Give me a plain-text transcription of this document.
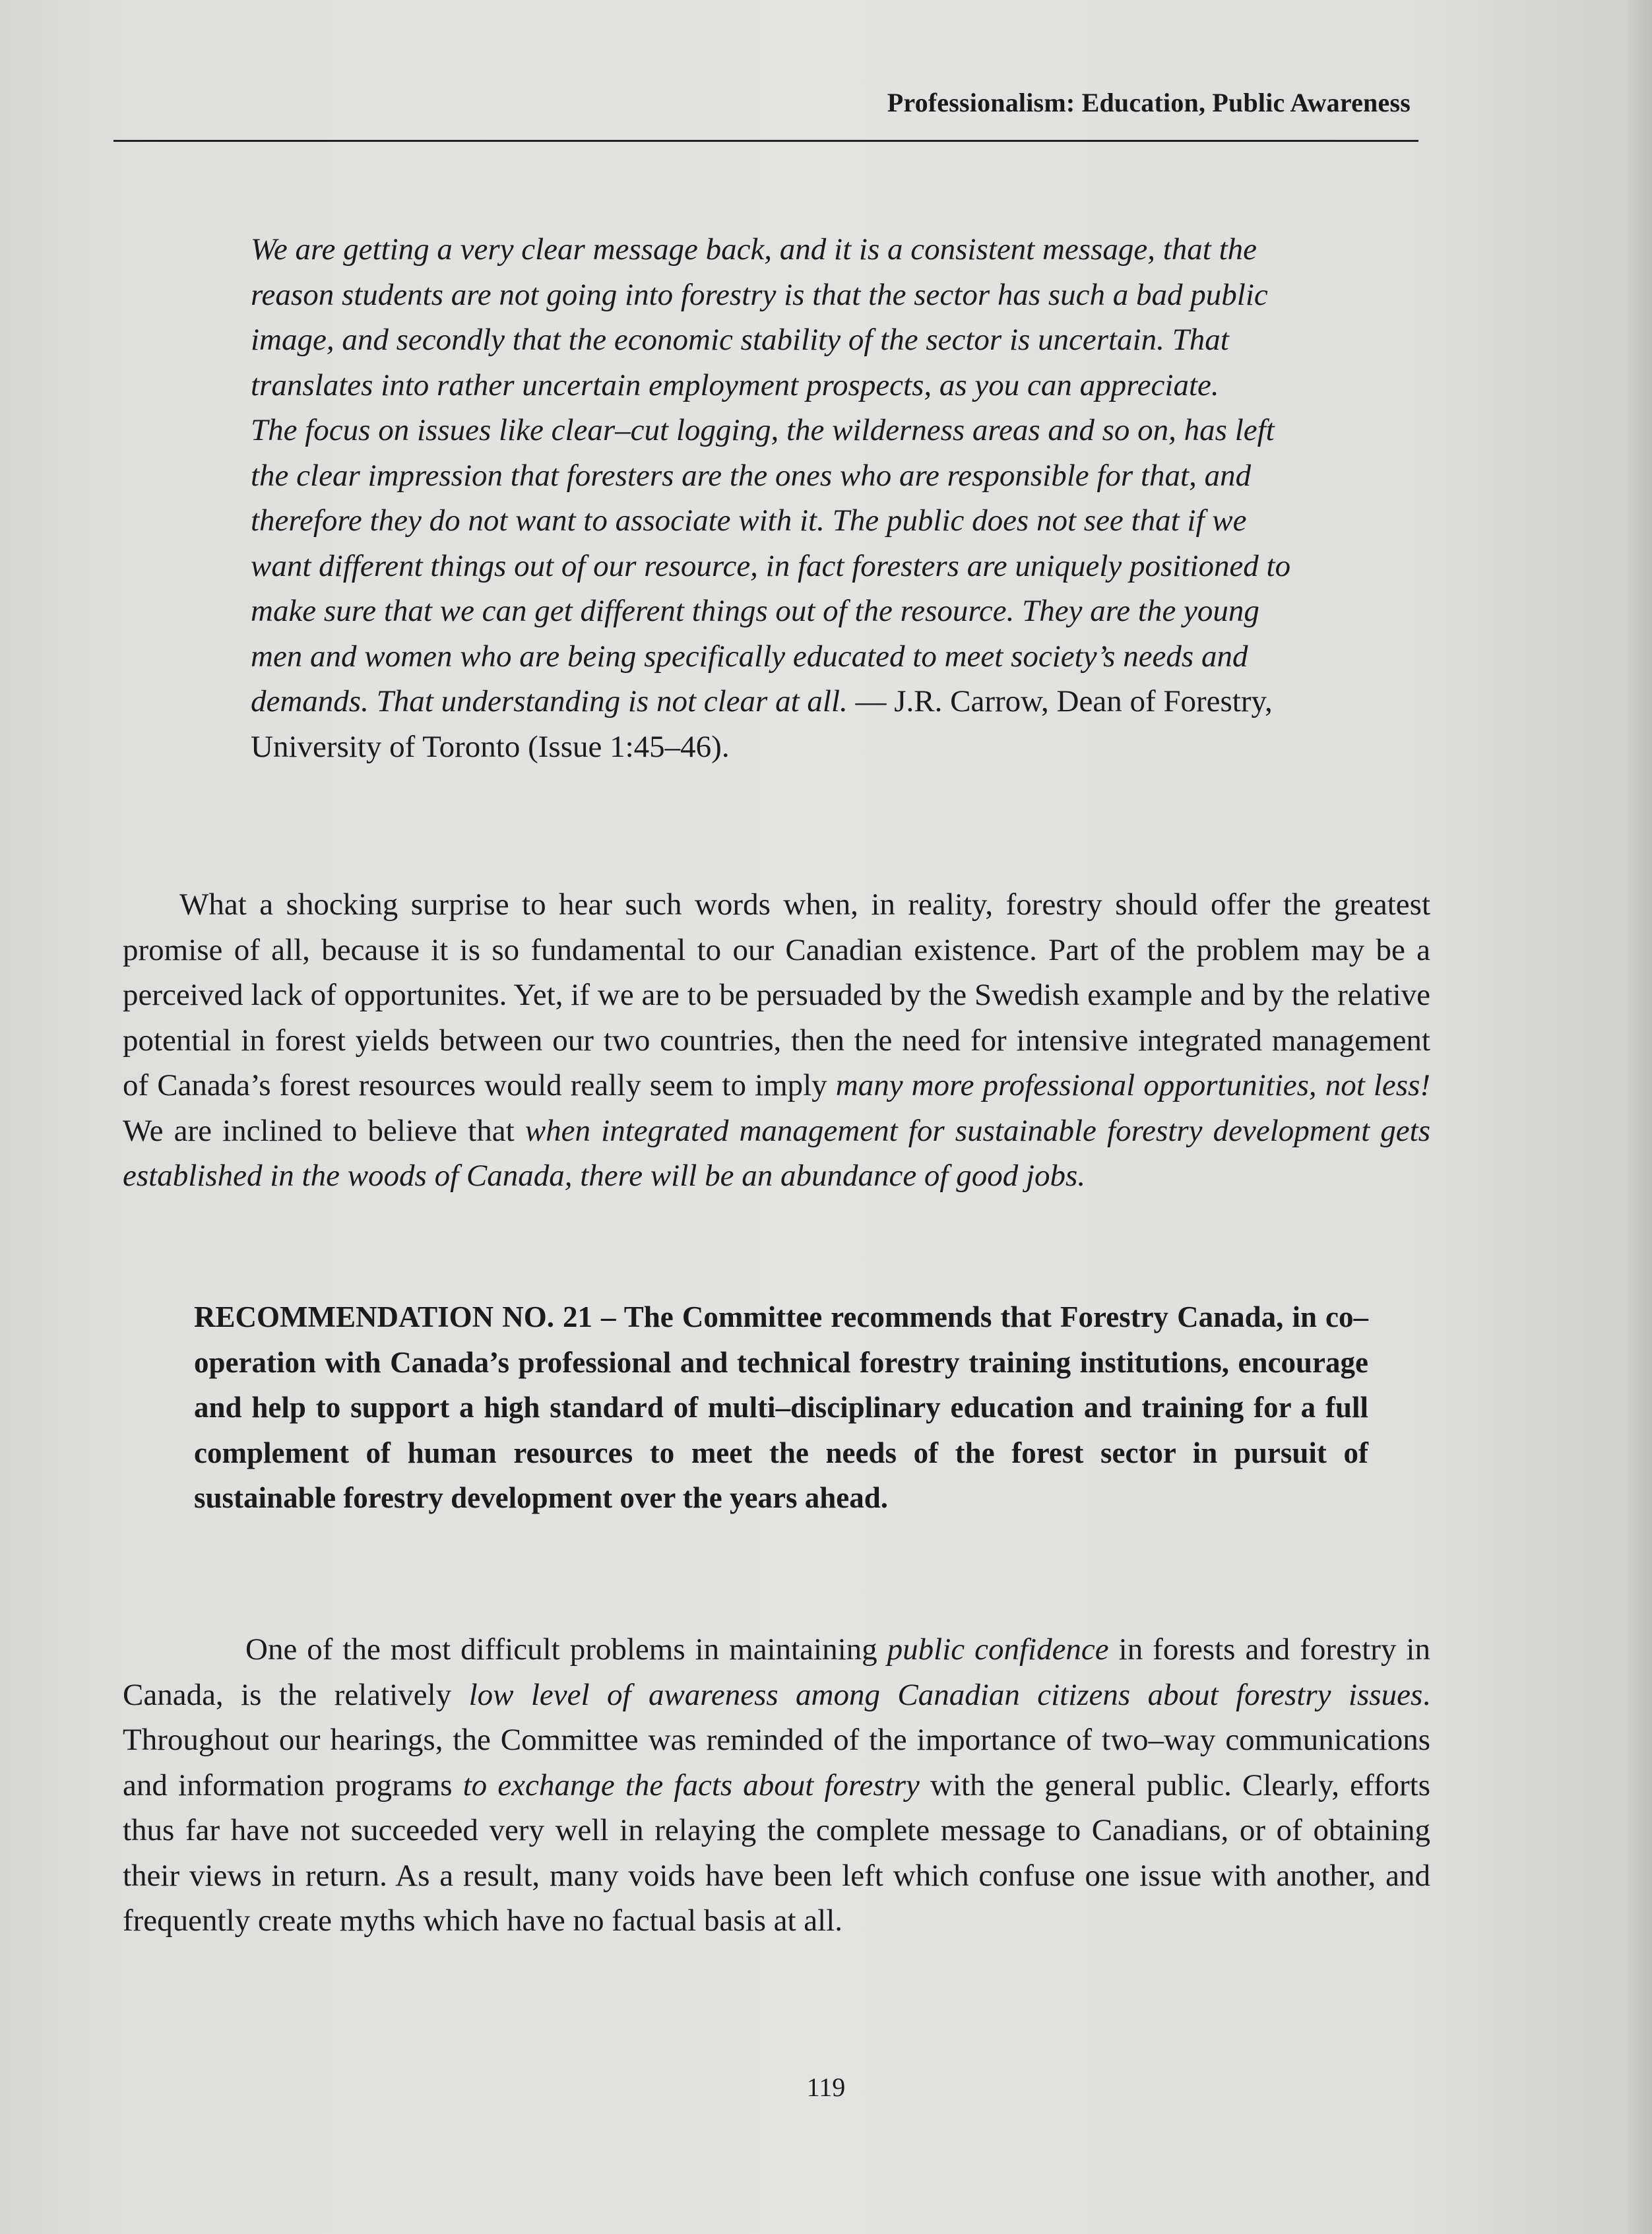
Professionalism: Education, Public Awareness

We are getting a very clear message back, and it is a consistent message, that the reason students are not going into forestry is that the sector has such a bad public image, and secondly that the economic stability of the sector is uncertain. That translates into rather uncertain employment prospects, as you can appreciate.

The focus on issues like clear–cut logging, the wilderness areas and so on, has left the clear impression that foresters are the ones who are responsible for that, and therefore they do not want to associate with it. The public does not see that if we want different things out of our resource, in fact foresters are uniquely positioned to make sure that we can get different things out of the resource. They are the young men and women who are being specifically educated to meet society’s needs and demands. That understanding is not clear at all. — J.R. Carrow, Dean of Forestry, University of Toronto (Issue 1:45–46).

What a shocking surprise to hear such words when, in reality, forestry should offer the greatest promise of all, because it is so fundamental to our Canadian existence. Part of the problem may be a perceived lack of opportunites. Yet, if we are to be persuaded by the Swedish example and by the relative potential in forest yields between our two countries, then the need for intensive integrated management of Canada’s forest resources would really seem to imply many more professional opportunities, not less! We are inclined to believe that when integrated management for sustainable forestry development gets established in the woods of Canada, there will be an abundance of good jobs.

RECOMMENDATION NO. 21 – The Committee recommends that Forestry Canada, in co–operation with Canada’s professional and technical forestry training institutions, encourage and help to support a high standard of multi–disciplinary education and training for a full complement of human resources to meet the needs of the forest sector in pursuit of sustainable forestry development over the years ahead.

One of the most difficult problems in maintaining public confidence in forests and forestry in Canada, is the relatively low level of awareness among Canadian citizens about forestry issues. Throughout our hearings, the Committee was reminded of the importance of two–way communications and information programs to exchange the facts about forestry with the general public. Clearly, efforts thus far have not succeeded very well in relaying the complete message to Canadians, or of obtaining their views in return. As a result, many voids have been left which confuse one issue with another, and frequently create myths which have no factual basis at all.

119
